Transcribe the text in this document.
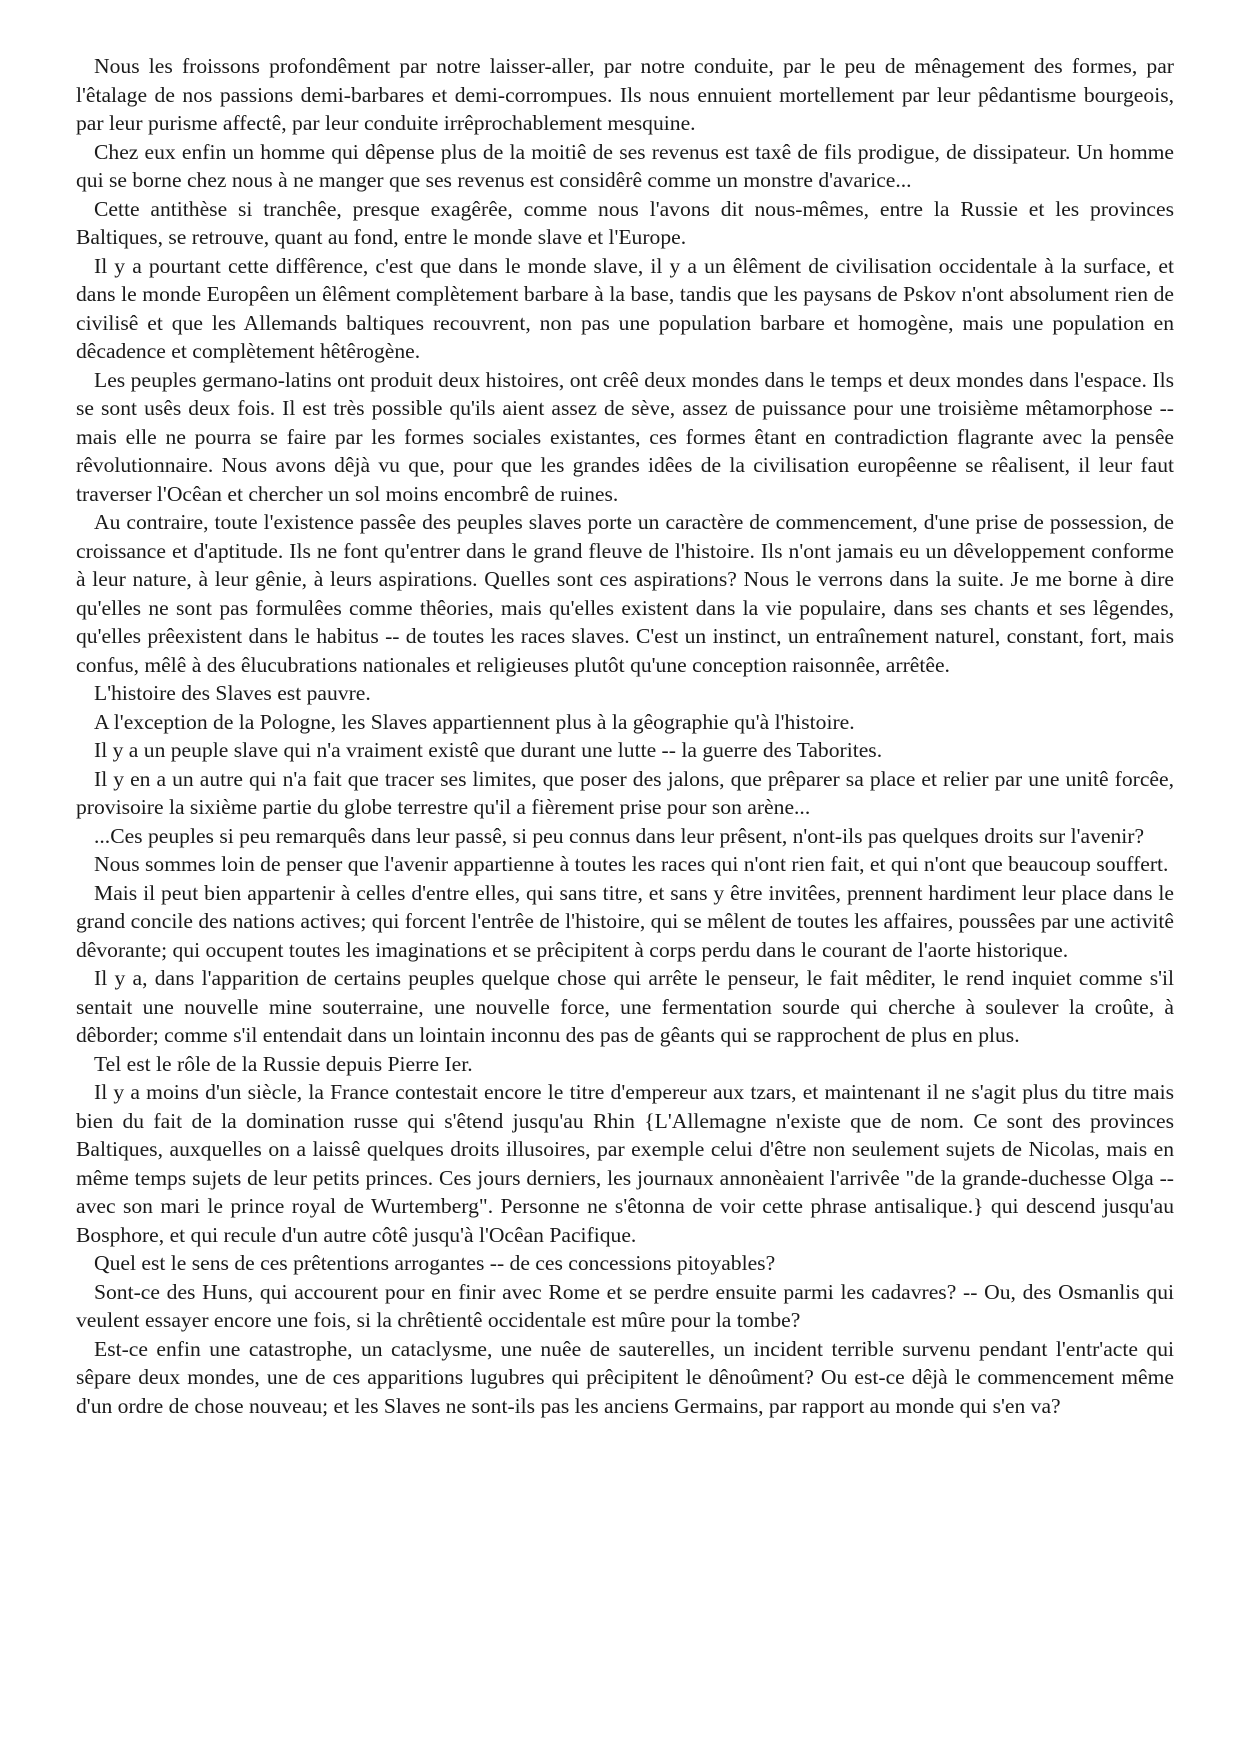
Nous les froissons profondêment par notre laisser-aller, par notre conduite, par le peu de mênagement des formes, par l'êtalage de nos passions demi-barbares et demi-corrompues. Ils nous ennuient mortellement par leur pêdantisme bourgeois, par leur purisme affectê, par leur conduite irrêprochablement mesquine.

Chez eux enfin un homme qui dêpense plus de la moitiê de ses revenus est taxê de fils prodigue, de dissipateur. Un homme qui se borne chez nous à ne manger que ses revenus est considêrê comme un monstre d'avarice...

Cette antithèse si tranchêe, presque exagêrêe, comme nous l'avons dit nous-mêmes, entre la Russie et les provinces Baltiques, se retrouve, quant au fond, entre le monde slave et l'Europe.

Il y a pourtant cette diffêrence, c'est que dans le monde slave, il y a un êlêment de civilisation occidentale à la surface, et dans le monde Europêen un êlêment complètement barbare à la base, tandis que les paysans de Pskov n'ont absolument rien de civilisê et que les Allemands baltiques recouvrent, non pas une population barbare et homogène, mais une population en dêcadence et complètement hêtêrogène.

Les peuples germano-latins ont produit deux histoires, ont crêê deux mondes dans le temps et deux mondes dans l'espace. Ils se sont usês deux fois. Il est très possible qu'ils aient assez de sève, assez de puissance pour une troisième mêtamorphose -- mais elle ne pourra se faire par les formes sociales existantes, ces formes êtant en contradiction flagrante avec la pensêe rêvolutionnaire. Nous avons dêjà vu que, pour que les grandes idêes de la civilisation europêenne se rêalisent, il leur faut traverser l'Ocêan et chercher un sol moins encombrê de ruines.

Au contraire, toute l'existence passêe des peuples slaves porte un caractère de commencement, d'une prise de possession, de croissance et d'aptitude. Ils ne font qu'entrer dans le grand fleuve de l'histoire. Ils n'ont jamais eu un dêveloppement conforme à leur nature, à leur gênie, à leurs aspirations. Quelles sont ces aspirations? Nous le verrons dans la suite. Je me borne à dire qu'elles ne sont pas formulêes comme thêories, mais qu'elles existent dans la vie populaire, dans ses chants et ses lêgendes, qu'elles prêexistent dans le habitus -- de toutes les races slaves. C'est un instinct, un entraînement naturel, constant, fort, mais confus, mêlê à des êlucubrations nationales et religieuses plutôt qu'une conception raisonnêe, arrêtêe.

L'histoire des Slaves est pauvre.

A l'exception de la Pologne, les Slaves appartiennent plus à la gêographie qu'à l'histoire.

Il y a un peuple slave qui n'a vraiment existê que durant une lutte -- la guerre des Taborites.

Il y en a un autre qui n'a fait que tracer ses limites, que poser des jalons, que prêparer sa place et relier par une unitê forcêe, provisoire la sixième partie du globe terrestre qu'il a fièrement prise pour son arène...

...Ces peuples si peu remarquês dans leur passê, si peu connus dans leur prêsent, n'ont-ils pas quelques droits sur l'avenir?

Nous sommes loin de penser que l'avenir appartienne à toutes les races qui n'ont rien fait, et qui n'ont que beaucoup souffert.

Mais il peut bien appartenir à celles d'entre elles, qui sans titre, et sans y être invitêes, prennent hardiment leur place dans le grand concile des nations actives; qui forcent l'entrêe de l'histoire, qui se mêlent de toutes les affaires, poussêes par une activitê dêvorante; qui occupent toutes les imaginations et se prêcipitent à corps perdu dans le courant de l'aorte historique.

Il y a, dans l'apparition de certains peuples quelque chose qui arrête le penseur, le fait mêditer, le rend inquiet comme s'il sentait une nouvelle mine souterraine, une nouvelle force, une fermentation sourde qui cherche à soulever la croûte, à dêborder; comme s'il entendait dans un lointain inconnu des pas de gêants qui se rapprochent de plus en plus.

Tel est le rôle de la Russie depuis Pierre Ier.

Il y a moins d'un siècle, la France contestait encore le titre d'empereur aux tzars, et maintenant il ne s'agit plus du titre mais bien du fait de la domination russe qui s'êtend jusqu'au Rhin {L'Allemagne n'existe que de nom. Ce sont des provinces Baltiques, auxquelles on a laissê quelques droits illusoires, par exemple celui d'être non seulement sujets de Nicolas, mais en même temps sujets de leur petits princes. Ces jours derniers, les journaux annonèaient l'arrivêe "de la grande-duchesse Olga -- avec son mari le prince royal de Wurtemberg". Personne ne s'êtonna de voir cette phrase antisalique.} qui descend jusqu'au Bosphore, et qui recule d'un autre côtê jusqu'à l'Ocêan Pacifique.

Quel est le sens de ces prêtentions arrogantes -- de ces concessions pitoyables?

Sont-ce des Huns, qui accourent pour en finir avec Rome et se perdre ensuite parmi les cadavres? -- Ou, des Osmanlis qui veulent essayer encore une fois, si la chrêtientê occidentale est mûre pour la tombe?

Est-ce enfin une catastrophe, un cataclysme, une nuêe de sauterelles, un incident terrible survenu pendant l'entr'acte qui sêpare deux mondes, une de ces apparitions lugubres qui prêcipitent le dênoûment? Ou est-ce dêjà le commencement même d'un ordre de chose nouveau; et les Slaves ne sont-ils pas les anciens Germains, par rapport au monde qui s'en va?
